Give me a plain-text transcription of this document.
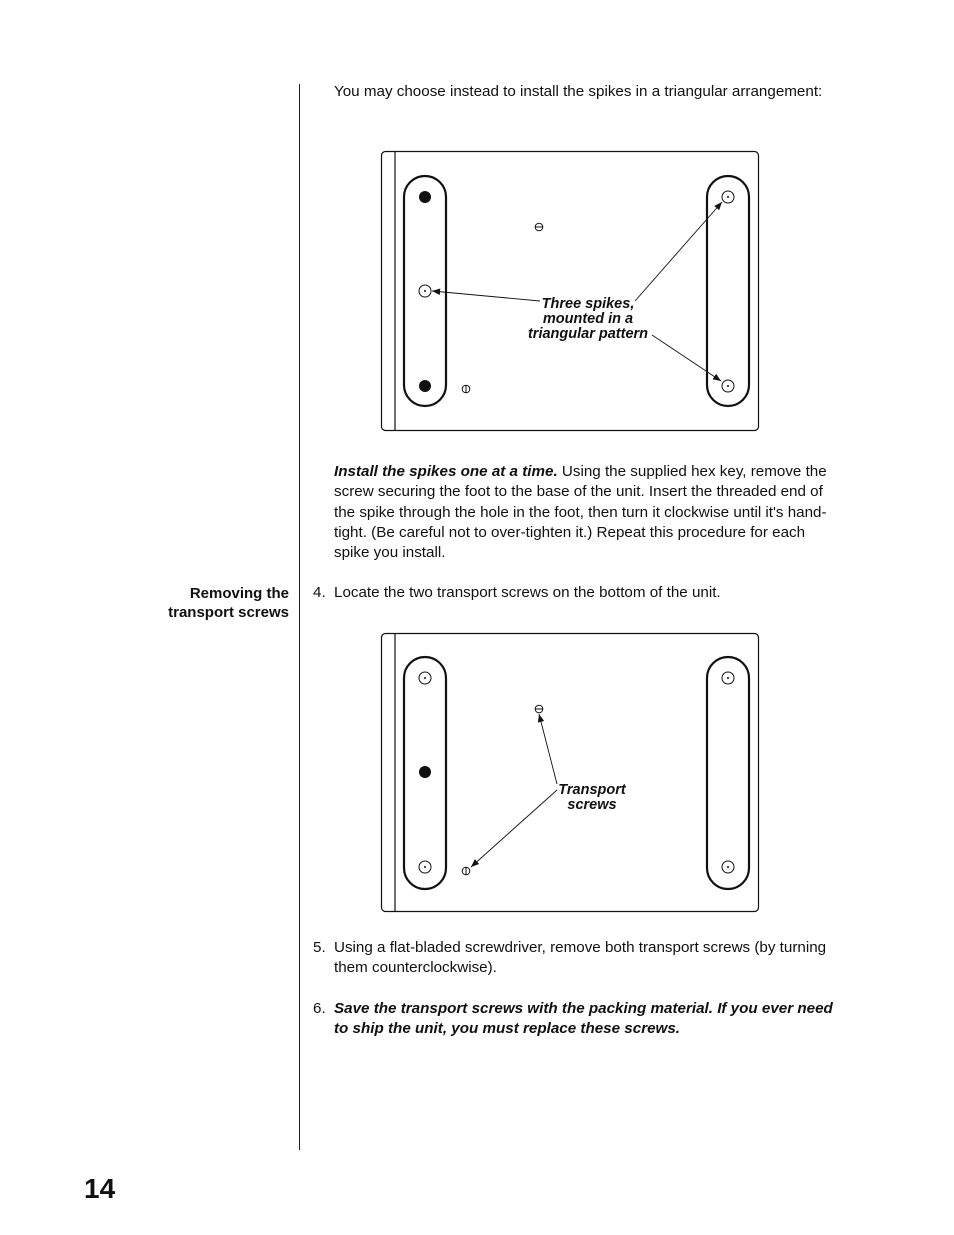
You may choose instead to install the spikes in a triangular arrangement:

Three spikes,
mounted in a
triangular pattern

Install the spikes one at a time. Using the supplied hex key, remove the screw securing the foot to the base of the unit. Insert the threaded end of the spike through the hole in the foot, then turn it clockwise until it's hand-tight. (Be careful not to over-tighten it.) Repeat this procedure for each spike you install.

Removing the
transport screws
4. Locate the two transport screws on the bottom of the unit.

Transport
screws
5. Using a flat-bladed screwdriver, remove both transport screws (by turning them counterclockwise).

6. Save the transport screws with the packing material. If you ever need to ship the unit, you must replace these screws.

14
